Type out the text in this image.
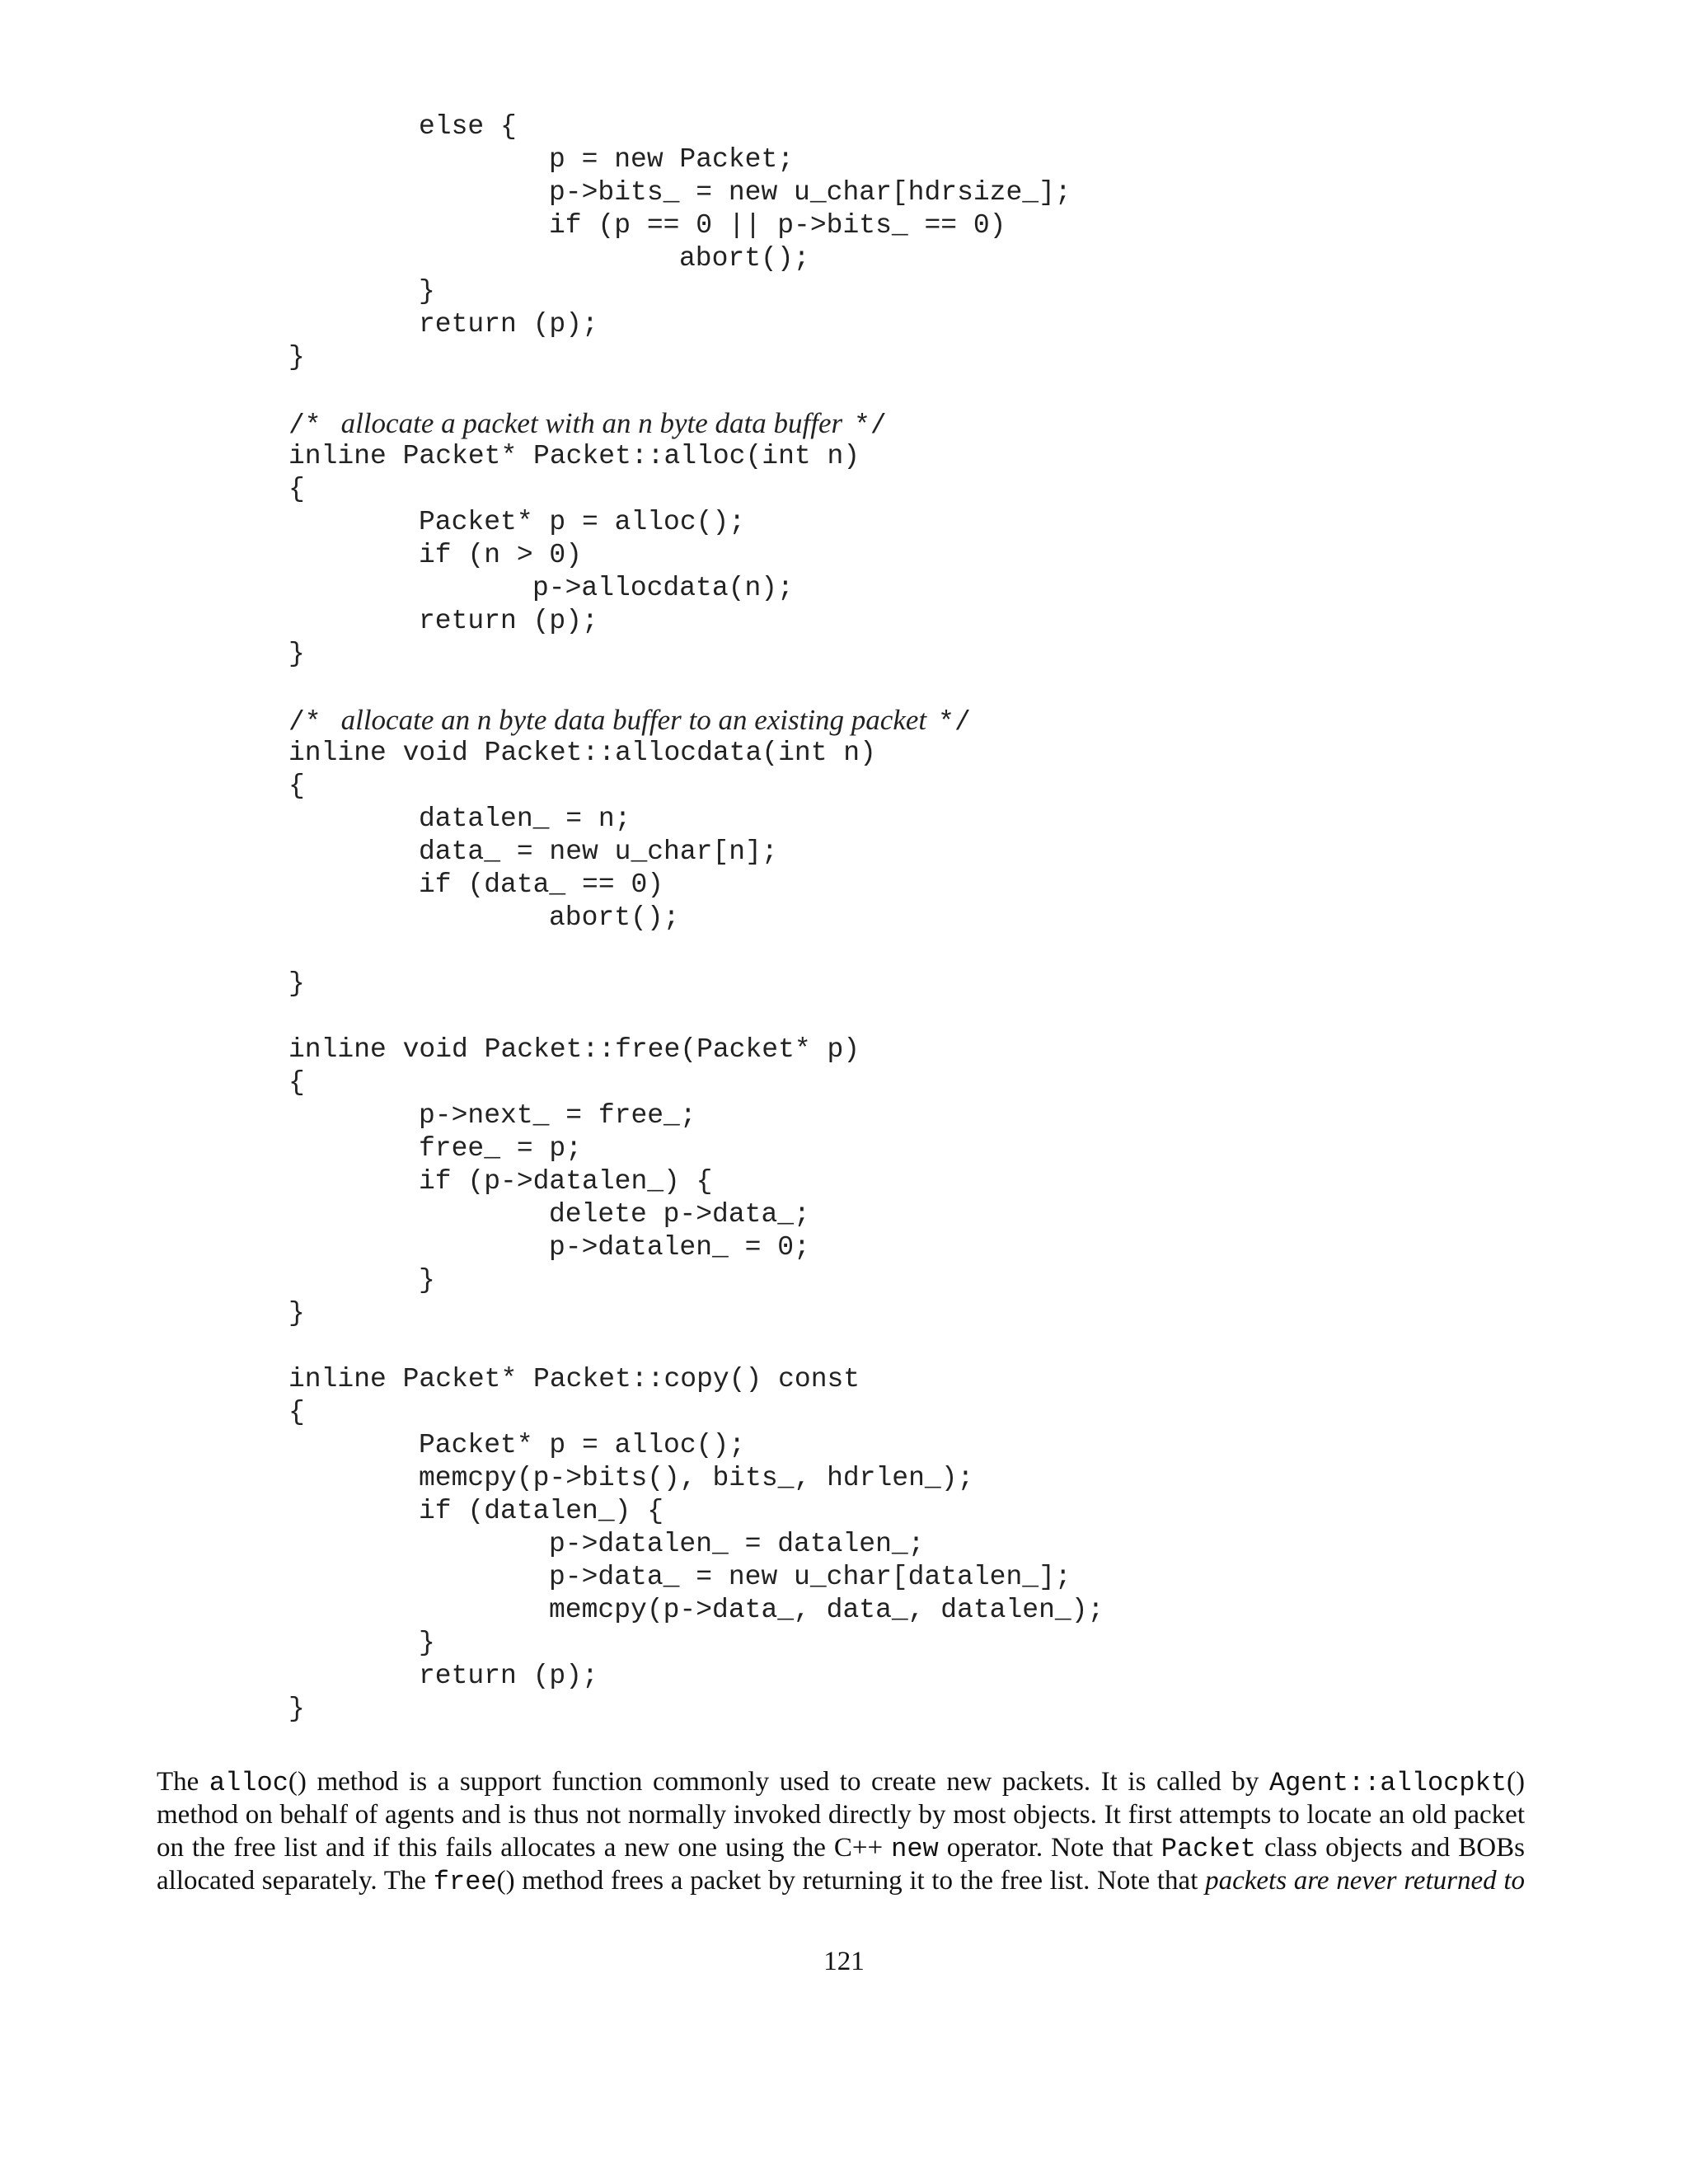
else {
p = new Packet;
p->bits_ = new u_char[hdrsize_];
if (p == 0 || p->bits_ == 0)
abort();
}
return (p);
}
/* allocate a packet with an n byte data buffer */
inline Packet* Packet::alloc(int n)
{
Packet* p = alloc();
if (n > 0)
p->allocdata(n);
return (p);
}
/* allocate an n byte data buffer to an existing packet */
inline void Packet::allocdata(int n)
{
datalen_ = n;
data_ = new u_char[n];
if (data_ == 0)
abort();
}
inline void Packet::free(Packet* p)
{
p->next_ = free_;
free_ = p;
if (p->datalen_) {
delete p->data_;
p->datalen_ = 0;
}
}
inline Packet* Packet::copy() const
{
Packet* p = alloc();
memcpy(p->bits(), bits_, hdrlen_);
if (datalen_) {
p->datalen_ = datalen_;
p->data_ = new u_char[datalen_];
memcpy(p->data_, data_, datalen_);
}
return (p);
}
The alloc() method is a support function commonly used to create new packets. It is called by Agent::allocpkt()
method on behalf of agents and is thus not normally invoked directly by most objects. It first attempts to locate an old packet
on the free list and if this fails allocates a new one using the C++ new operator. Note that Packet class objects and BOBs
allocated separately. The free() method frees a packet by returning it to the free list. Note that packets are never returned to
121
